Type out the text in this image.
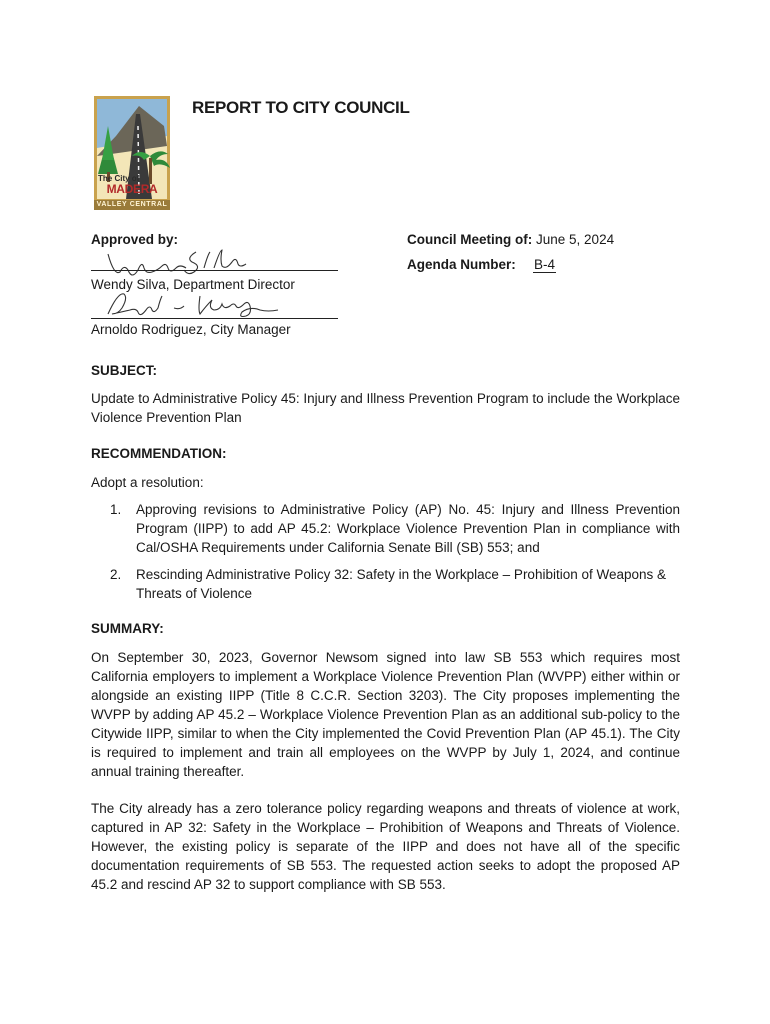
The City of
MADERA
VALLEY CENTRAL
REPORT TO CITY COUNCIL
Approved by:
Wendy Silva, Department Director
Arnoldo Rodriguez, City Manager
Council Meeting of: June 5, 2024
Agenda Number: B-4
SUBJECT:
Update to Administrative Policy 45: Injury and Illness Prevention Program to include the Workplace Violence Prevention Plan
RECOMMENDATION:
Adopt a resolution:
1. Approving revisions to Administrative Policy (AP) No. 45: Injury and Illness Prevention Program (IIPP) to add AP 45.2: Workplace Violence Prevention Plan in compliance with Cal/OSHA Requirements under California Senate Bill (SB) 553; and
2. Rescinding Administrative Policy 32: Safety in the Workplace – Prohibition of Weapons & Threats of Violence
SUMMARY:
On September 30, 2023, Governor Newsom signed into law SB 553 which requires most California employers to implement a Workplace Violence Prevention Plan (WVPP) either within or alongside an existing IIPP (Title 8 C.C.R. Section 3203). The City proposes implementing the WVPP by adding AP 45.2 – Workplace Violence Prevention Plan as an additional sub-policy to the Citywide IIPP, similar to when the City implemented the Covid Prevention Plan (AP 45.1). The City is required to implement and train all employees on the WVPP by July 1, 2024, and continue annual training thereafter.
The City already has a zero tolerance policy regarding weapons and threats of violence at work, captured in AP 32: Safety in the Workplace – Prohibition of Weapons and Threats of Violence. However, the existing policy is separate of the IIPP and does not have all of the specific documentation requirements of SB 553. The requested action seeks to adopt the proposed AP 45.2 and rescind AP 32 to support compliance with SB 553.
